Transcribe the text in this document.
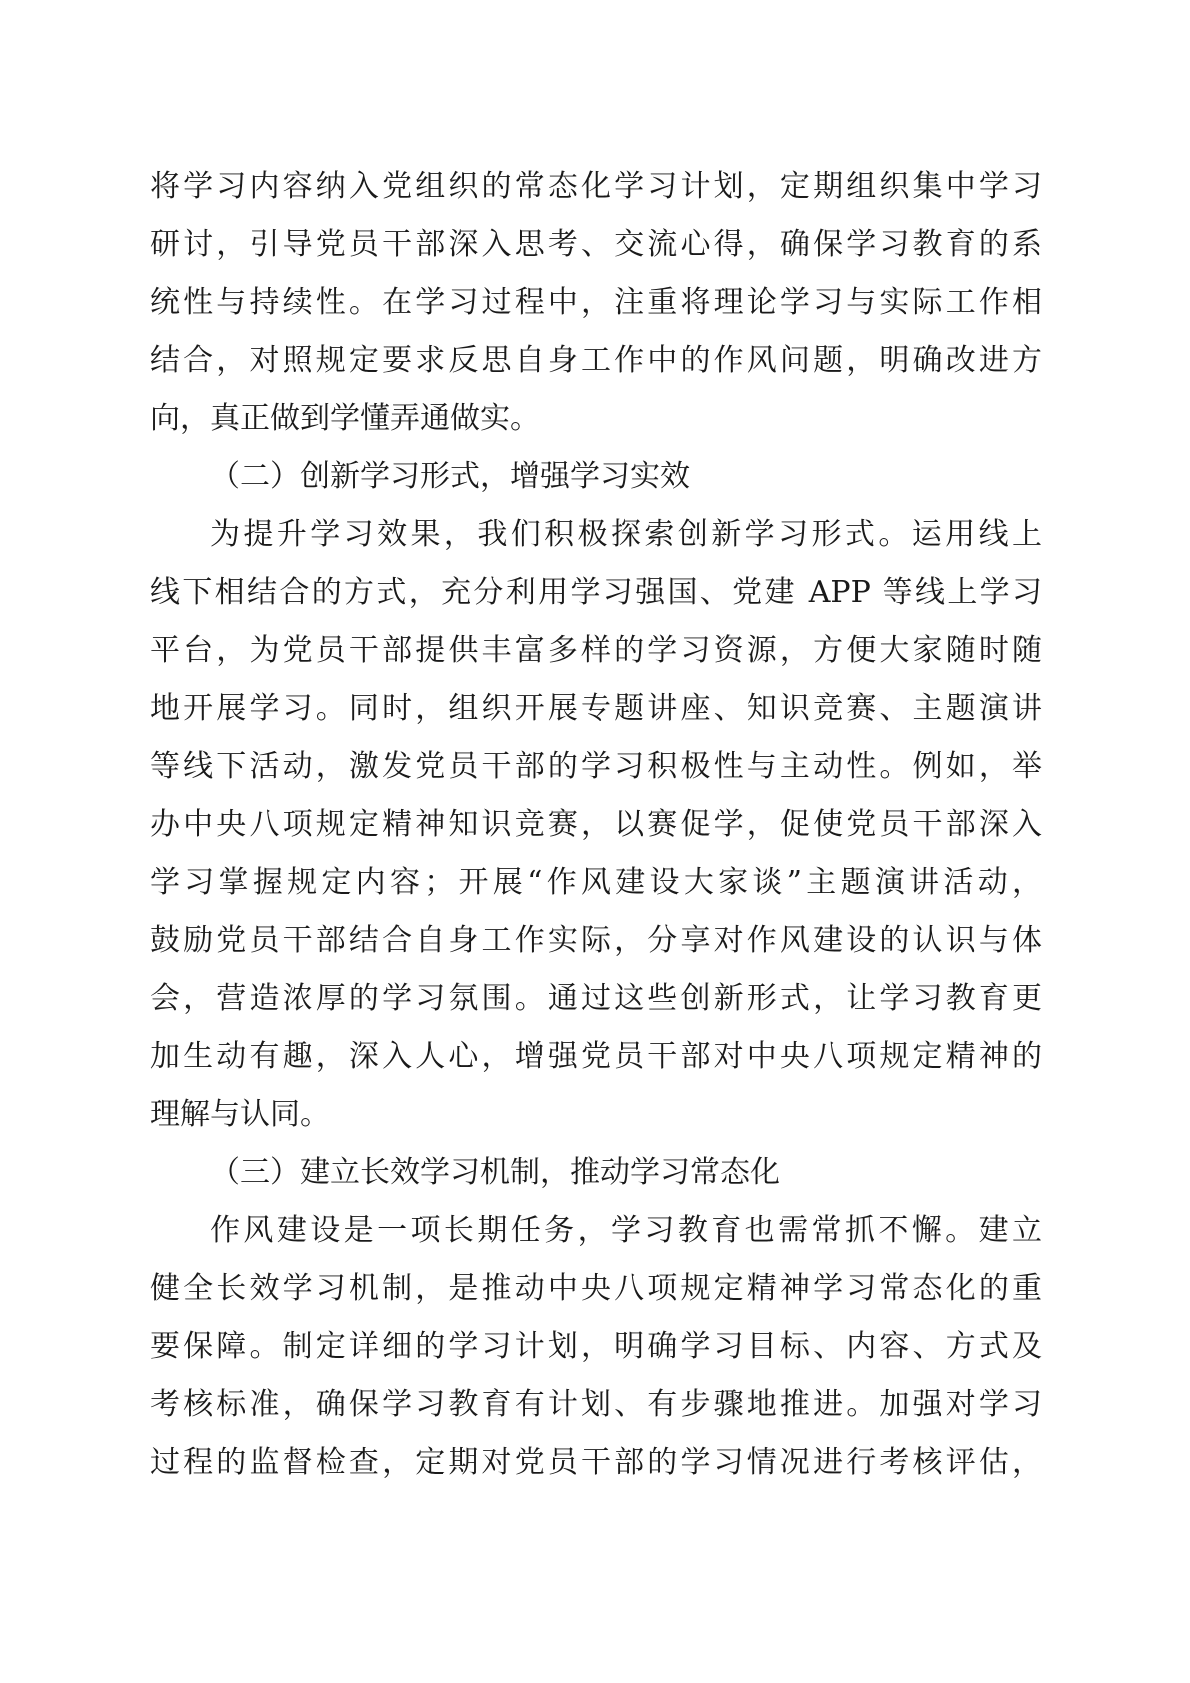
将学习内容纳入党组织的常态化学习计划，定期组织集中学习
研讨，引导党员干部深入思考、交流心得，确保学习教育的系
统性与持续性。在学习过程中，注重将理论学习与实际工作相
结合，对照规定要求反思自身工作中的作风问题，明确改进方
向，真正做到学懂弄通做实。
（二）创新学习形式，增强学习实效
为提升学习效果，我们积极探索创新学习形式。运用线上
线下相结合的方式，充分利用学习强国、党建 APP 等线上学习
平台，为党员干部提供丰富多样的学习资源，方便大家随时随
地开展学习。同时，组织开展专题讲座、知识竞赛、主题演讲
等线下活动，激发党员干部的学习积极性与主动性。例如，举
办中央八项规定精神知识竞赛，以赛促学，促使党员干部深入
学习掌握规定内容；开展“作风建设大家谈”主题演讲活动，
鼓励党员干部结合自身工作实际，分享对作风建设的认识与体
会，营造浓厚的学习氛围。通过这些创新形式，让学习教育更
加生动有趣，深入人心，增强党员干部对中央八项规定精神的
理解与认同。
（三）建立长效学习机制，推动学习常态化
作风建设是一项长期任务，学习教育也需常抓不懈。建立
健全长效学习机制，是推动中央八项规定精神学习常态化的重
要保障。制定详细的学习计划，明确学习目标、内容、方式及
考核标准，确保学习教育有计划、有步骤地推进。加强对学习
过程的监督检查，定期对党员干部的学习情况进行考核评估，
